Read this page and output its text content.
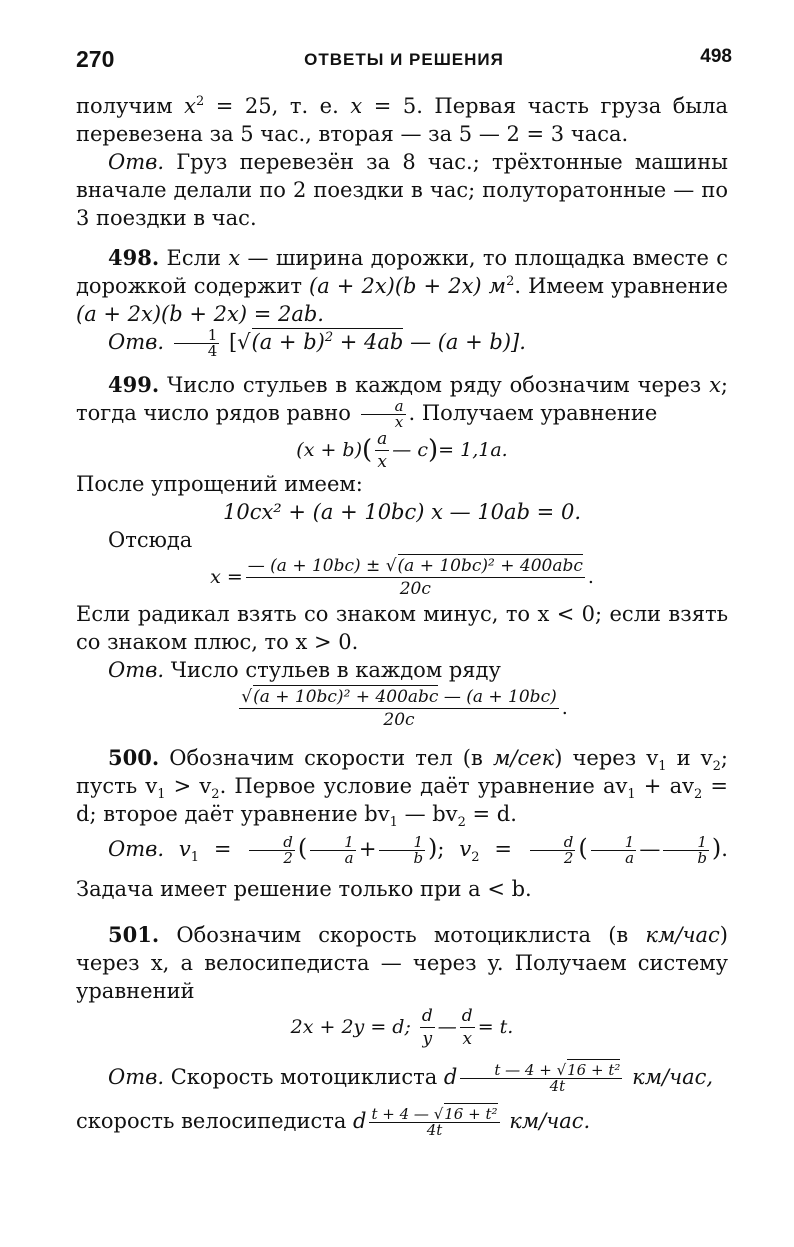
270	ОТВЕТЫ И РЕШЕНИЯ	498

получим $x^2 = 25$, т. е. x = 5. Первая часть груза была перевезена за 5 час., вторая — за 5 — 2 = 3 часа.

Отв. Груз перевезён за 8 час.; трёхтонные машины вначале делали по 2 поездки в час; полуторатонные — по 3 поездки в час.

498. Если x — ширина дорожки, то площадка вместе с дорожкой содержит (a + 2x)(b + 2x) $м^2$. Имеем уравнение (a + 2x)(b + 2x) = 2ab.

Отв. $\frac{1}{4} [√(a + b)^2 + 4ab$ — (a + b)].

499. Число стульев в каждом ряду обозначим через x; тогда число рядов равно $\frac{a}{x}$ . Получаем уравнение

(x + b) ( $\frac{a}{x}$ — c ) = 1,1a.

После упрощений имеем:

10cx² + (a + 10bc) x — 10ab = 0.

Отсюда

$x = \frac{\text{— (a + 10bc) ± √(a + 10bc)² + 400abc}}{20c}$ .

Если радикал взять со знаком минус, то x < 0; если взять со знаком плюс, то x > 0.

Отв. Число стульев в каждом ряду

$\frac{\text{√(a + 10bc)² + 400abc — (a + 10bc)}}{20c}$ .

500. Обозначим скорости тел (в м/сек) через $v_1$ и $v_2$; пусть $v_1 > v_2$. Первое условие даёт уравнение $av_1 + av_2 = d$; второе даёт уравнение $bv_1$ — $bv_2 = d$.

Отв. $v_1 = \frac{d}{2}$ ( $\frac{1}{a} + \frac{1}{b}$ ); $v_2 = \frac{d}{2}$ ( $\frac{1}{a}$ — $\frac{1}{b}$ ). Задача имеет решение только при a < b.

501. Обозначим скорость мотоциклиста (в км/час) через x, а велосипедиста — через y. Получаем систему уравнений

2x + 2y = d;
$\frac{d}{y}$ — $\frac{d}{x} = t$.

Отв. Скорость мотоциклиста d $\frac{\text{t — 4 + √16 + t²}}{4t} км/час$,

скорость велосипедиста d $\frac{\text{t + 4 — √16 + t²}}{4t} км/час$.
